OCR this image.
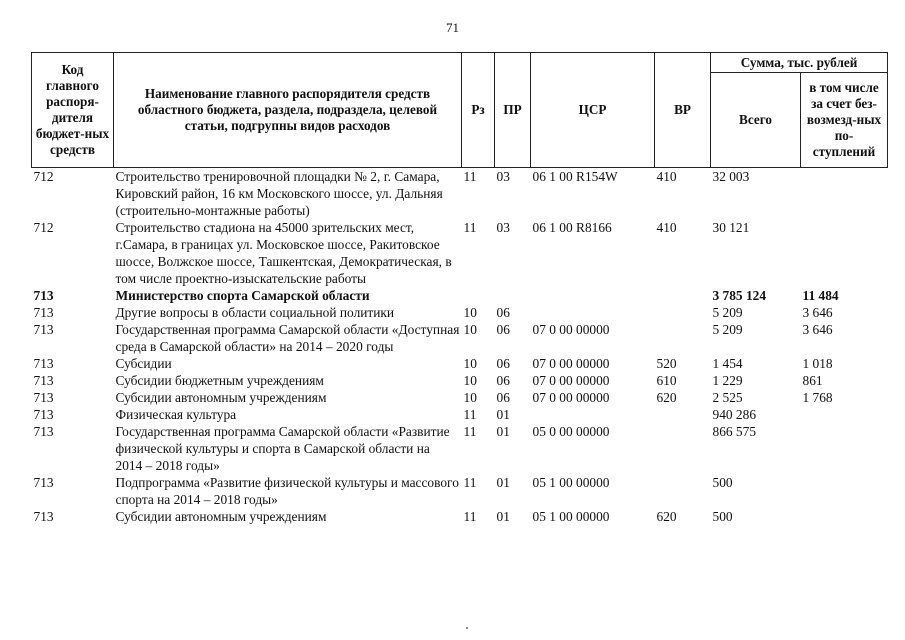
71
Код главного распоря-дителя бюджет-ных средств	Наименование главного распорядителя средств областного бюджета, раздела, подраздела, целевой статьи, подгрупны видов расходов	Рз	ПР	ЦСР	ВР	Сумма, тыс. рублей	
						Всего	в том числе за счет без-возмезд-ных по-ступлений
712	Строительство тренировочной площадки № 2, г. Самара, Кировский район, 16 км Московского шоссе, ул. Дальняя (строительно-монтажные работы)	11	03	06 1 00 R154W	410	32 003	
712	Строительство стадиона на 45000 зрительских мест, г.Самара, в границах ул. Московское шоссе, Ракитовское шоссе, Волжское шоссе, Ташкентская, Демократическая, в том числе проектно-изыскательские работы	11	03	06 1 00 R8166	410	30 121	
713	Министерство спорта Самарской области					3 785 124	11 484
713	Другие вопросы в области социальной политики	10	06			5 209	3 646
713	Государственная программа Самарской области «Доступная среда в Самарской области» на 2014 – 2020 годы	10	06	07 0 00 00000		5 209	3 646
713	Субсидии	10	06	07 0 00 00000	520	1 454	1 018
713	Субсидии бюджетным учреждениям	10	06	07 0 00 00000	610	1 229	861
713	Субсидии автономным учреждениям	10	06	07 0 00 00000	620	2 525	1 768
713	Физическая культура	11	01			940 286	
713	Государственная программа Самарской области «Развитие физической культуры и спорта в Самарской области на 2014 – 2018 годы»	11	01	05 0 00 00000		866 575	
713	Подпрограмма «Развитие физической культуры и массового спорта на 2014 – 2018 годы»	11	01	05 1 00 00000		500	
713	Субсидии автономным учреждениям	11	01	05 1 00 00000	620	500	
